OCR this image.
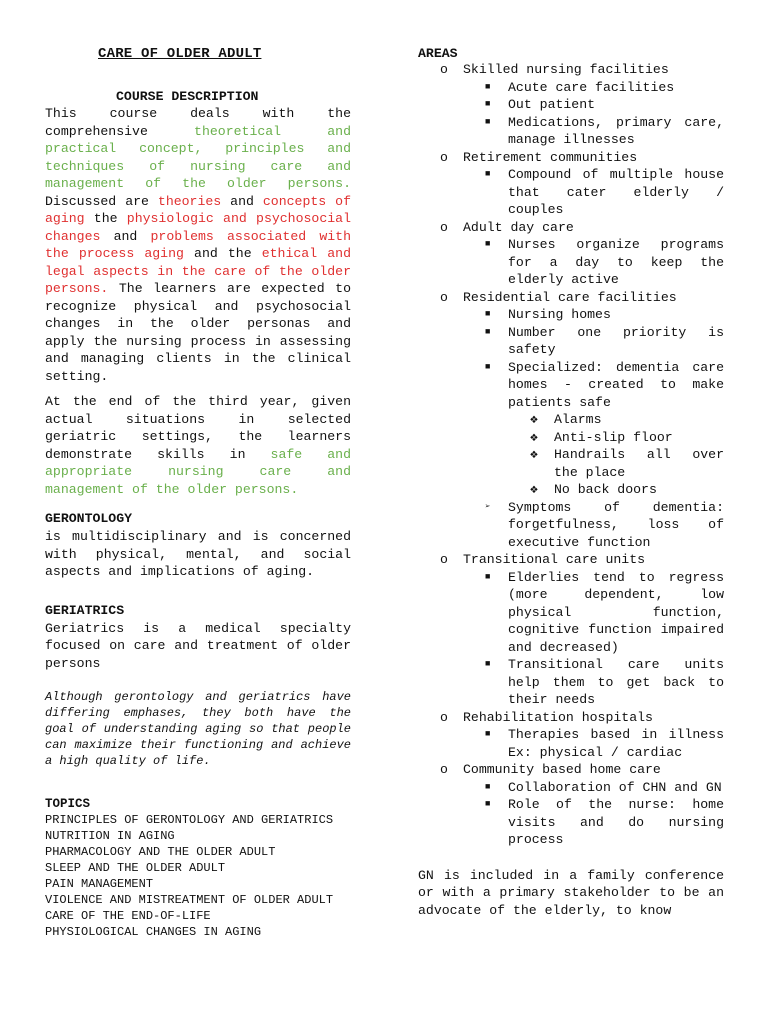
CARE OF OLDER ADULT
COURSE DESCRIPTION

This course deals with the comprehensive theoretical and practical concept, principles and techniques of nursing care and management of the older persons. Discussed are theories and concepts of aging the physiologic and psychosocial changes and problems associated with the process aging and the ethical and legal aspects in the care of the older persons. The learners are expected to recognize physical and psychosocial changes in the older personas and apply the nursing process in assessing and managing clients in the clinical setting.

At the end of the third year, given actual situations in selected geriatric settings, the learners demonstrate skills in safe and appropriate nursing care and management of the older persons.

GERONTOLOGY

is multidisciplinary and is concerned with physical, mental, and social aspects and implications of aging.

GERIATRICS

Geriatrics is a medical specialty focused on care and treatment of older persons

Although gerontology and geriatrics have differing emphases, they both have the goal of understanding aging so that people can maximize their functioning and achieve a high quality of life.

TOPICS

PRINCIPLES OF GERONTOLOGY AND GERIATRICS
NUTRITION IN AGING
PHARMACOLOGY AND THE OLDER ADULT
SLEEP AND THE OLDER ADULT
PAIN MANAGEMENT
VIOLENCE AND MISTREATMENT OF OLDER ADULT
CARE OF THE END-OF-LIFE
PHYSIOLOGICAL CHANGES IN AGING

AREAS

o Skilled nursing facilities
■ Acute care facilities
■ Out patient
■ Medications, primary care, manage illnesses
o Retirement communities
■ Compound of multiple house that cater elderly / couples
o Adult day care
■ Nurses organize programs for a day to keep the elderly active
o Residential care facilities
■ Nursing homes
■ Number one priority is safety
■ Specialized: dementia care homes - created to make patients safe
❖ Alarms
❖ Anti-slip floor
❖ Handrails all over the place
❖ No back doors
➢ Symptoms of dementia: forgetfulness, loss of executive function
o Transitional care units
■ Elderlies tend to regress (more dependent, low physical function, cognitive function impaired and decreased)
■ Transitional care units help them to get back to their needs
o Rehabilitation hospitals
■ Therapies based in illness Ex: physical / cardiac
o Community based home care
■ Collaboration of CHN and GN
■ Role of the nurse: home visits and do nursing process

GN is included in a family conference or with a primary stakeholder to be an advocate of the elderly, to know
